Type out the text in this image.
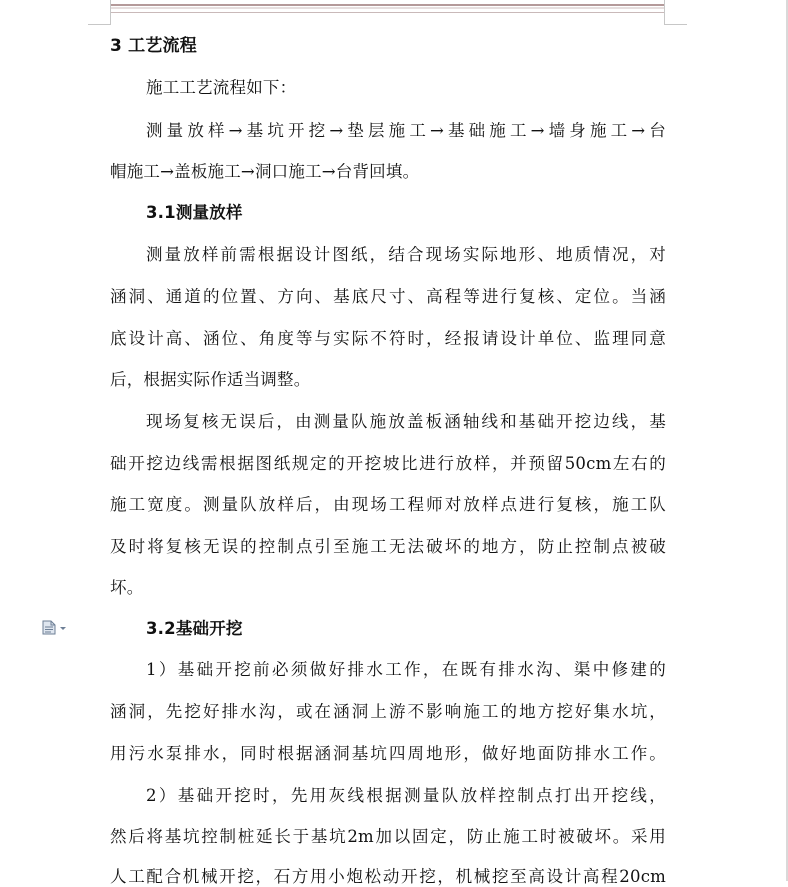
3 工艺流程
施工工艺流程如下：
测量放样→基坑开挖→垫层施工→基础施工→墙身施工→台
帽施工→盖板施工→洞口施工→台背回填。
3.1测量放样
测量放样前需根据设计图纸，结合现场实际地形、地质情况，对
涵洞、通道的位置、方向、基底尺寸、高程等进行复核、定位。当涵
底设计高、涵位、角度等与实际不符时，经报请设计单位、监理同意
后，根据实际作适当调整。
现场复核无误后，由测量队施放盖板涵轴线和基础开挖边线，基
础开挖边线需根据图纸规定的开挖坡比进行放样，并预留50cm左右的
施工宽度。测量队放样后，由现场工程师对放样点进行复核，施工队
及时将复核无误的控制点引至施工无法破坏的地方，防止控制点被破
坏。
3.2基础开挖
1）基础开挖前必须做好排水工作，在既有排水沟、渠中修建的
涵洞，先挖好排水沟，或在涵洞上游不影响施工的地方挖好集水坑，
用污水泵排水，同时根据涵洞基坑四周地形，做好地面防排水工作。
2）基础开挖时，先用灰线根据测量队放样控制点打出开挖线，
然后将基坑控制桩延长于基坑2m加以固定，防止施工时被破坏。采用
人工配合机械开挖，石方用小炮松动开挖，机械挖至高设计高程20cm
